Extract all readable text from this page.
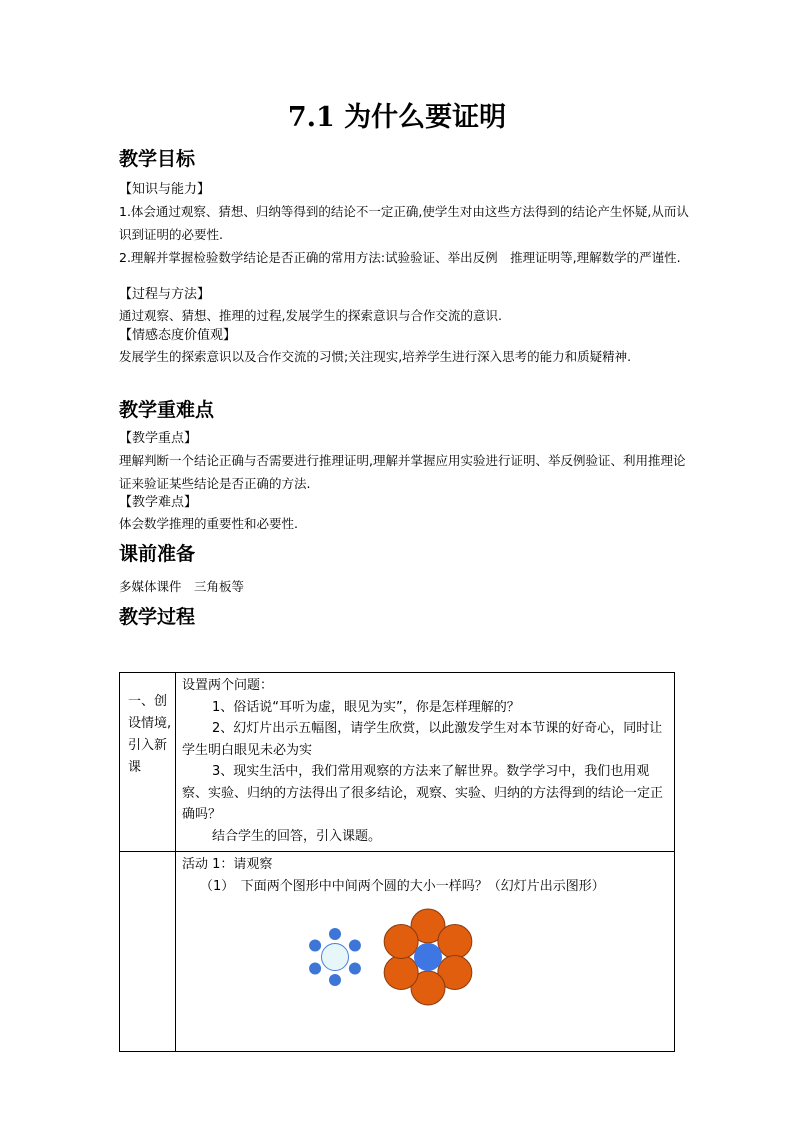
7.1 为什么要证明
教学目标
【知识与能力】

1.体会通过观察、猜想、归纳等得到的结论不一定正确,使学生对由这些方法得到的结论产生怀疑,从而认识到证明的必要性.

2.理解并掌握检验数学结论是否正确的常用方法:试验验证、举出反例　推理证明等,理解数学的严谨性.

【过程与方法】
通过观察、猜想、推理的过程,发展学生的探索意识与合作交流的意识.
【情感态度价值观】
发展学生的探索意识以及合作交流的习惯;关注现实,培养学生进行深入思考的能力和质疑精神.
教学重难点
【教学重点】
理解判断一个结论正确与否需要进行推理证明,理解并掌握应用实验进行证明、举反例验证、利用推理论证来验证某些结论是否正确的方法.
【教学难点】
体会数学推理的重要性和必要性.
课前准备
多媒体课件　三角板等
教学过程
一、创设情境,引入新课	设置两个问题：

1、俗话说“耳听为虚，眼见为实”，你是怎样理解的？

2、幻灯片出示五幅图，请学生欣赏，以此激发学生对本节课的好奇心，同时让学生明白眼见未必为实

3、现实生活中，我们常用观察的方法来了解世界。数学学习中，我们也用观察、实验、归纳的方法得出了很多结论，观察、实验、归纳的方法得到的结论一定正确吗？

结合学生的回答，引入课题。

	活动 1：请观察

（1）　下面两个图形中中间两个圆的大小一样吗？（幻灯片出示图形）
